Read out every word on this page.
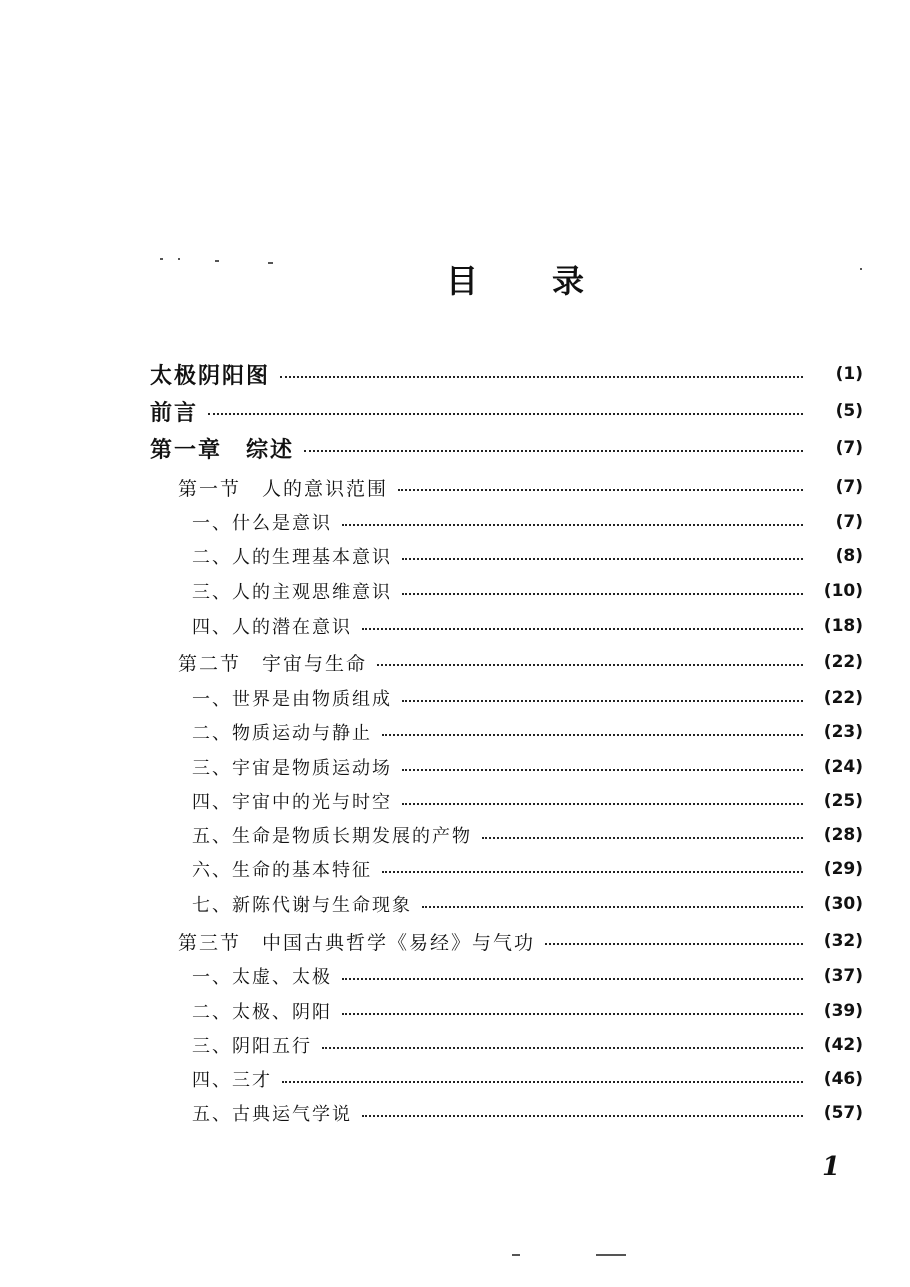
目 录
太极阴阳图	(1)
前言	(5)
第一章　综述	(7)
第一节　人的意识范围	(7)
一、什么是意识	(7)
二、人的生理基本意识	(8)
三、人的主观思维意识	(10)
四、人的潜在意识	(18)
第二节　宇宙与生命	(22)
一、世界是由物质组成	(22)
二、物质运动与静止	(23)
三、宇宙是物质运动场	(24)
四、宇宙中的光与时空	(25)
五、生命是物质长期发展的产物	(28)
六、生命的基本特征	(29)
七、新陈代谢与生命现象	(30)
第三节　中国古典哲学《易经》与气功	(32)
一、太虚、太极	(37)
二、太极、阴阳	(39)
三、阴阳五行	(42)
四、三才	(46)
五、古典运气学说	(57)
1
